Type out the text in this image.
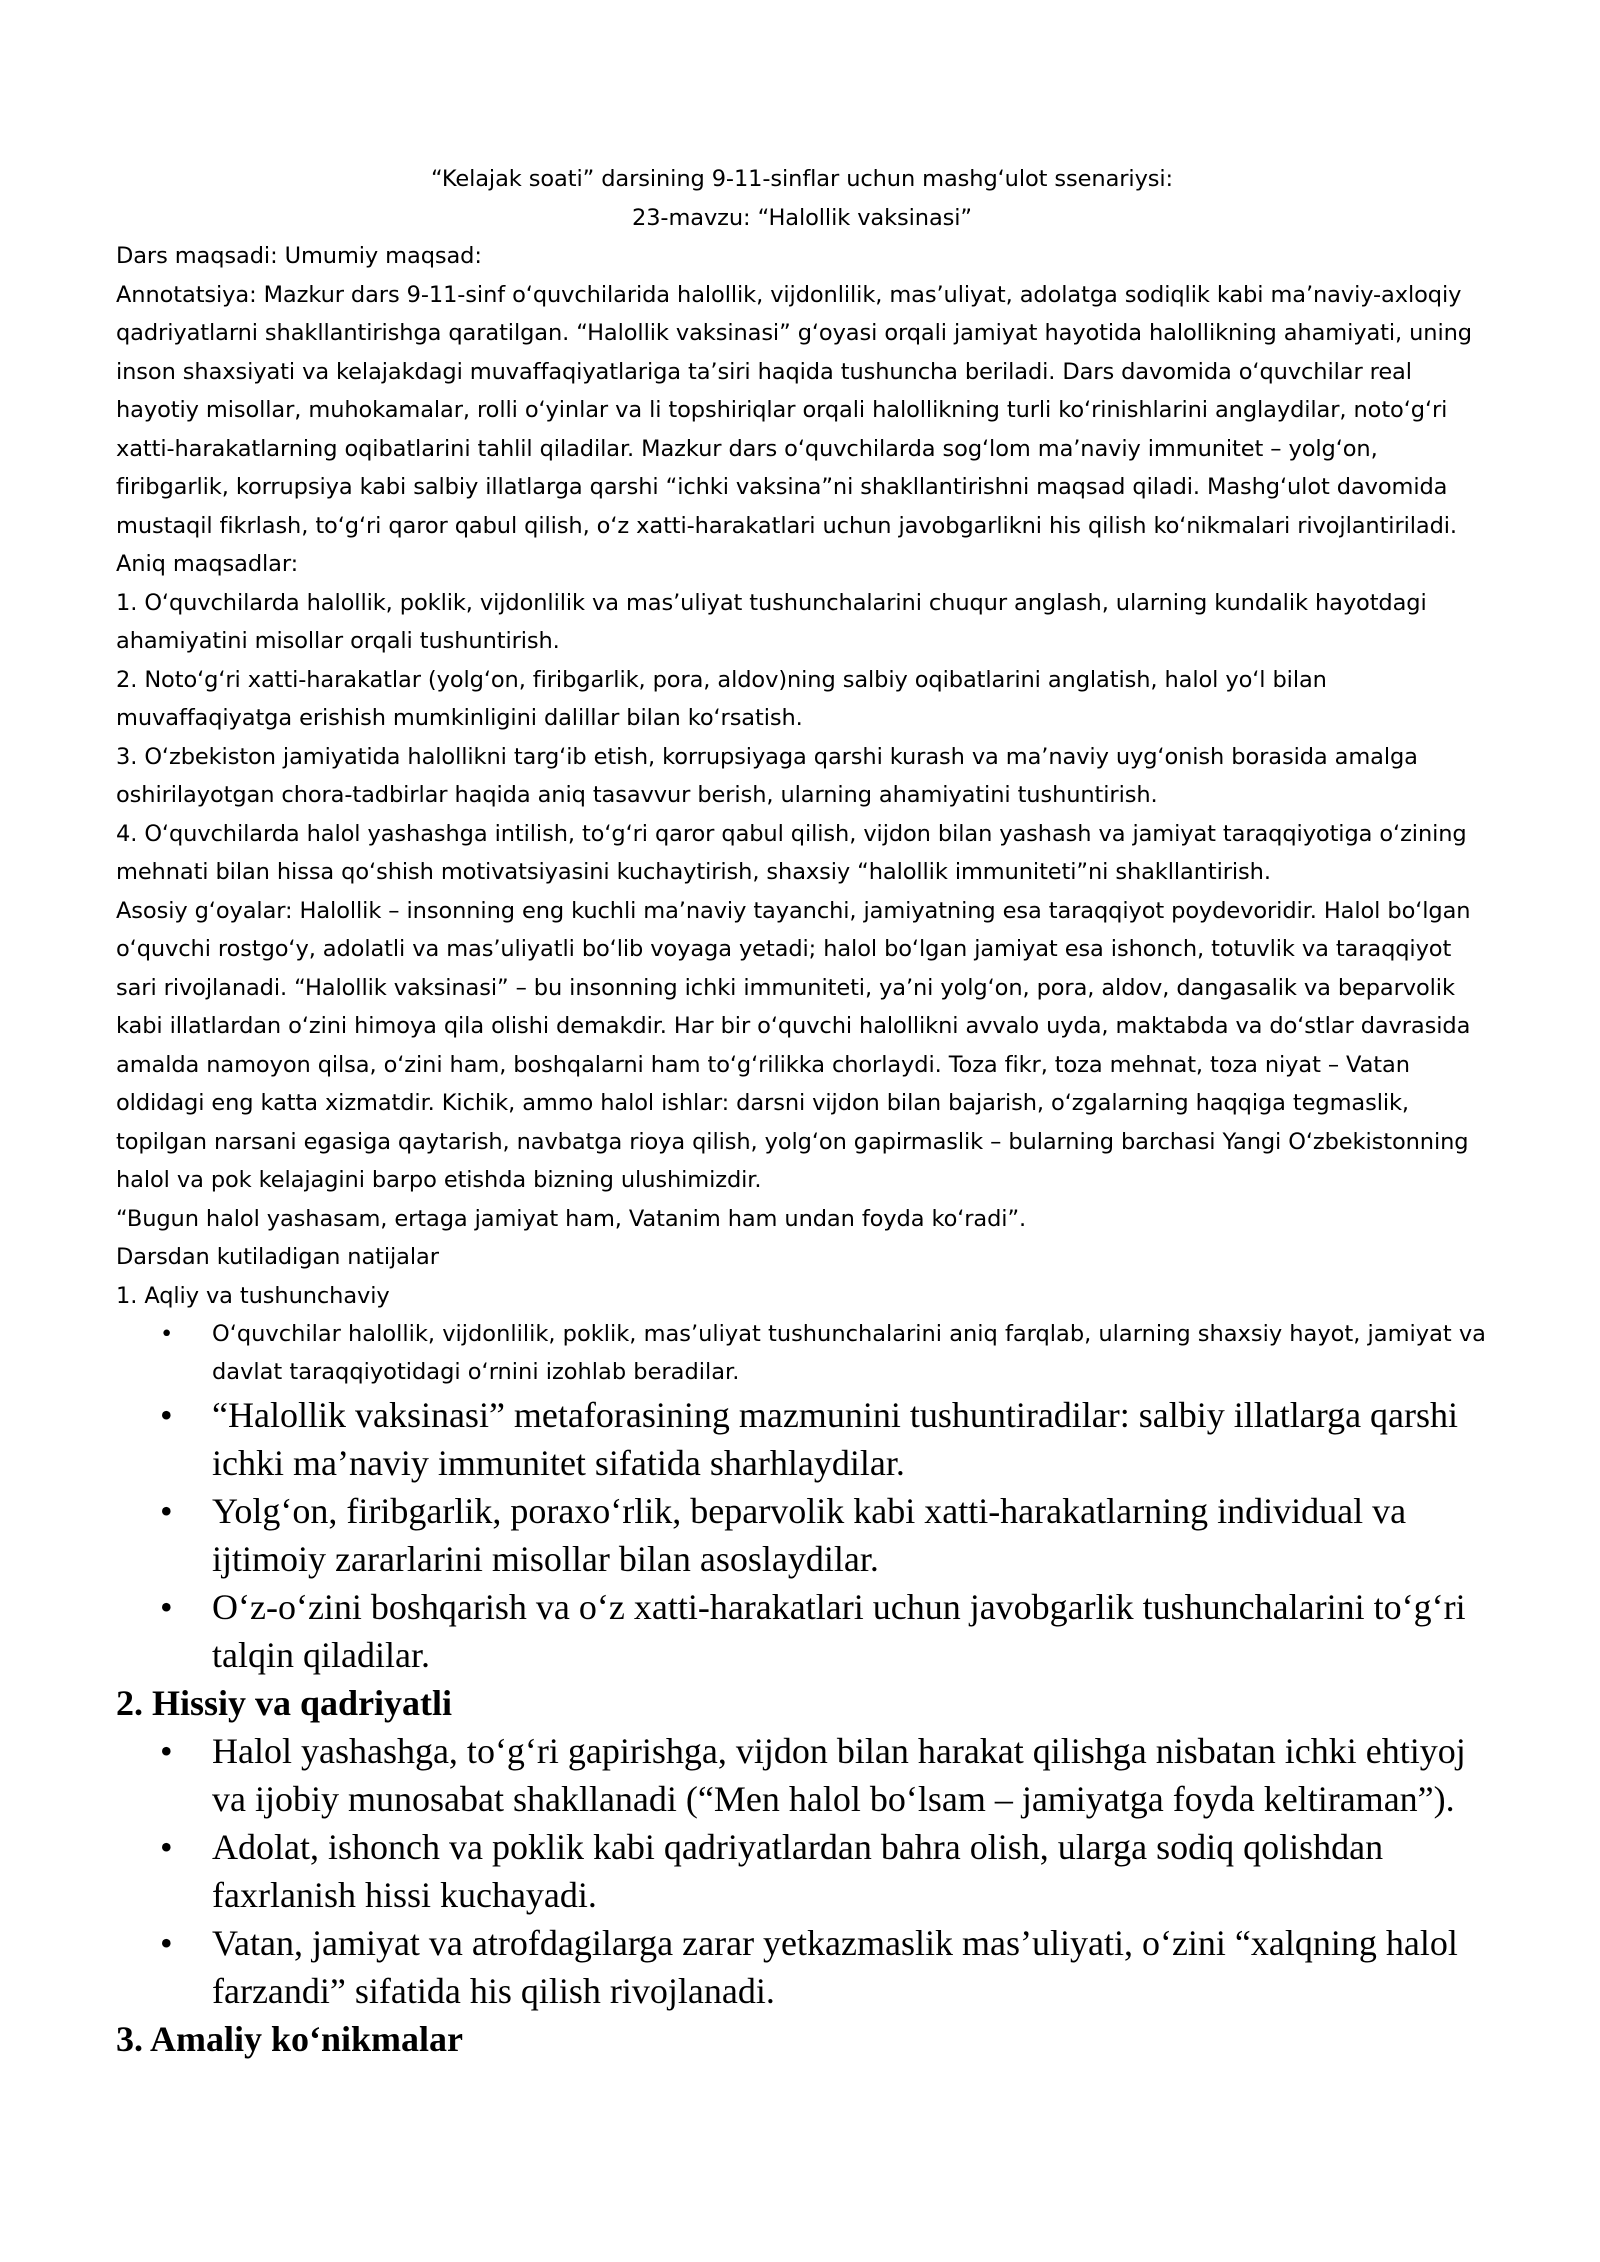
“Kelajak soati” darsining 9-11-sinflar uchun mashg‘ulot ssenariysi:

23-mavzu: “Halollik vaksinasi”

Dars maqsadi: Umumiy maqsad:

Annotatsiya: Mazkur dars 9-11-sinf o‘quvchilarida halollik, vijdonlilik, mas’uliyat, adolatga sodiqlik kabi ma’naviy-axloqiy qadriyatlarni shakllantirishga qaratilgan. “Halollik vaksinasi” g‘oyasi orqali jamiyat hayotida halollikning ahamiyati, uning inson shaxsiyati va kelajakdagi muvaffaqiyatlariga ta’siri haqida tushuncha beriladi. Dars davomida o‘quvchilar real hayotiy misollar, muhokamalar, rolli o‘yinlar va li topshiriqlar orqali halollikning turli ko‘rinishlarini anglaydilar, noto‘g‘ri xatti-harakatlarning oqibatlarini tahlil qiladilar. Mazkur dars o‘quvchilarda sog‘lom ma’naviy immunitet – yolg‘on, firibgarlik, korrupsiya kabi salbiy illatlarga qarshi “ichki vaksina”ni shakllantirishni maqsad qiladi. Mashg‘ulot davomida mustaqil fikrlash, to‘g‘ri qaror qabul qilish, o‘z xatti-harakatlari uchun javobgarlikni his qilish ko‘nikmalari rivojlantiriladi.

Aniq maqsadlar:

1. O‘quvchilarda halollik, poklik, vijdonlilik va mas’uliyat tushunchalarini chuqur anglash, ularning kundalik hayotdagi ahamiyatini misollar orqali tushuntirish.

2. Noto‘g‘ri xatti-harakatlar (yolg‘on, firibgarlik, pora, aldov)ning salbiy oqibatlarini anglatish, halol yo‘l bilan muvaffaqiyatga erishish mumkinligini dalillar bilan ko‘rsatish.

3. O‘zbekiston jamiyatida halollikni targ‘ib etish, korrupsiyaga qarshi kurash va ma’naviy uyg‘onish borasida amalga oshirilayotgan chora-tadbirlar haqida aniq tasavvur berish, ularning ahamiyatini tushuntirish.

4. O‘quvchilarda halol yashashga intilish, to‘g‘ri qaror qabul qilish, vijdon bilan yashash va jamiyat taraqqiyotiga o‘zining mehnati bilan hissa qo‘shish motivatsiyasini kuchaytirish, shaxsiy “halollik immuniteti”ni shakllantirish.

Asosiy g‘oyalar: Halollik – insonning eng kuchli ma’naviy tayanchi, jamiyatning esa taraqqiyot poydevoridir. Halol bo‘lgan o‘quvchi rostgo‘y, adolatli va mas’uliyatli bo‘lib voyaga yetadi; halol bo‘lgan jamiyat esa ishonch, totuvlik va taraqqiyot sari rivojlanadi. “Halollik vaksinasi” – bu insonning ichki immuniteti, ya’ni yolg‘on, pora, aldov, dangasalik va beparvolik kabi illatlardan o‘zini himoya qila olishi demakdir. Har bir o‘quvchi halollikni avvalo uyda, maktabda va do‘stlar davrasida amalda namoyon qilsa, o‘zini ham, boshqalarni ham to‘g‘rilikka chorlaydi. Toza fikr, toza mehnat, toza niyat – Vatan oldidagi eng katta xizmatdir. Kichik, ammo halol ishlar: darsni vijdon bilan bajarish, o‘zgalarning haqqiga tegmaslik, topilgan narsani egasiga qaytarish, navbatga rioya qilish, yolg‘on gapirmaslik – bularning barchasi Yangi O‘zbekistonning halol va pok kelajagini barpo etishda bizning ulushimizdir.

“Bugun halol yashasam, ertaga jamiyat ham, Vatanim ham undan foyda ko‘radi”.

Darsdan kutiladigan natijalar

1. Aqliy va tushunchaviy

• O‘quvchilar halollik, vijdonlilik, poklik, mas’uliyat tushunchalarini aniq farqlab, ularning shaxsiy hayot, jamiyat va davlat taraqqiyotidagi o‘rnini izohlab beradilar.
• “Halollik vaksinasi” metaforasining mazmunini tushuntiradilar: salbiy illatlarga qarshi ichki ma’naviy immunitet sifatida sharhlaydilar.
• Yolg‘on, firibgarlik, poraxo‘rlik, beparvolik kabi xatti-harakatlarning individual va ijtimoiy zararlarini misollar bilan asoslaydilar.
• O‘z-o‘zini boshqarish va o‘z xatti-harakatlari uchun javobgarlik tushunchalarini to‘g‘ri talqin qiladilar.

2. Hissiy va qadriyatli

• Halol yashashga, to‘g‘ri gapirishga, vijdon bilan harakat qilishga nisbatan ichki ehtiyoj va ijobiy munosabat shakllanadi (“Men halol bo‘lsam – jamiyatga foyda keltiraman”).
• Adolat, ishonch va poklik kabi qadriyatlardan bahra olish, ularga sodiq qolishdan faxrlanish hissi kuchayadi.
• Vatan, jamiyat va atrofdagilarga zarar yetkazmaslik mas’uliyati, o‘zini “xalqning halol farzandi” sifatida his qilish rivojlanadi.

3. Amaliy ko‘nikmalar
